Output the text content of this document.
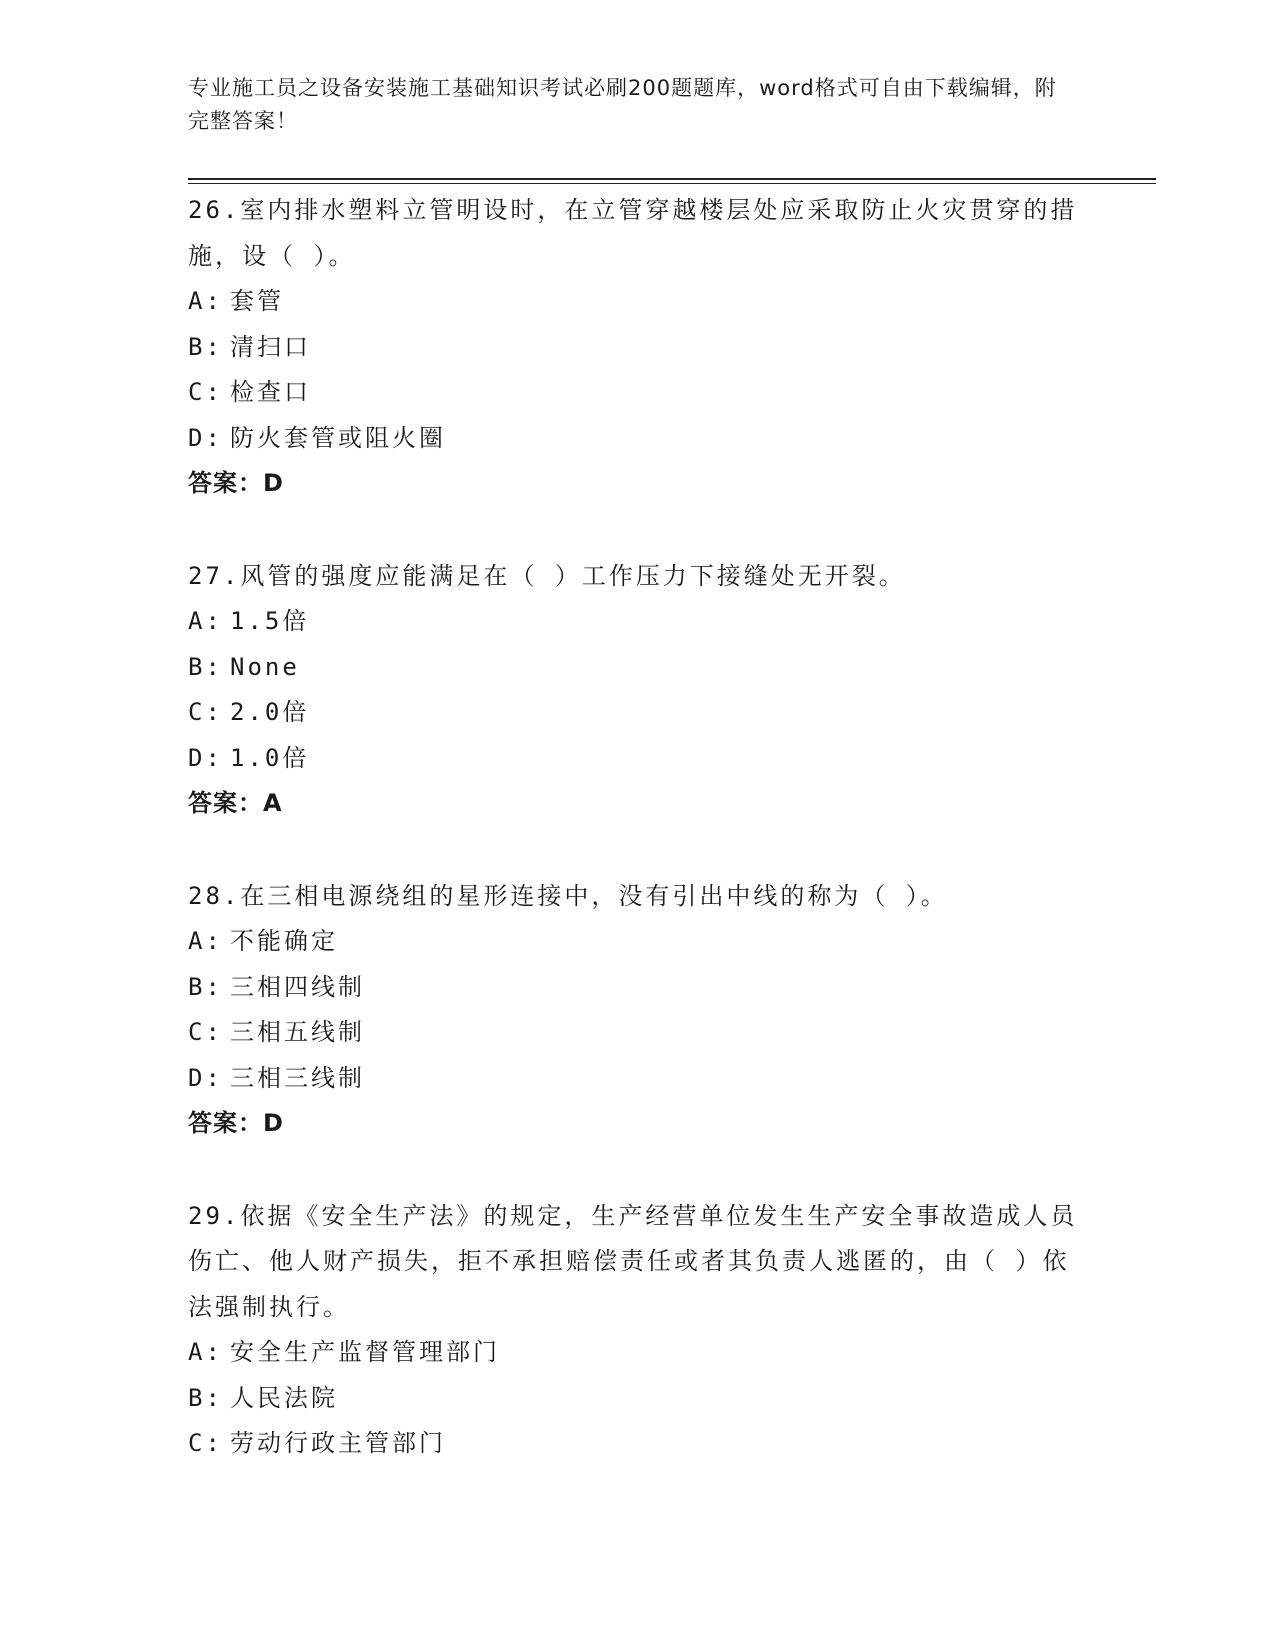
专业施工员之设备安装施工基础知识考试必刷200题题库，word格式可自由下载编辑，附完整答案！
26.室内排水塑料立管明设时，在立管穿越楼层处应采取防止火灾贯穿的措施，设（ ）。
A: 套管
B: 清扫口
C: 检查口
D: 防火套管或阻火圈
答案：D
27.风管的强度应能满足在（ ）工作压力下接缝处无开裂。
A: 1.5倍
B: None
C: 2.0倍
D: 1.0倍
答案：A
28.在三相电源绕组的星形连接中，没有引出中线的称为（ ）。
A: 不能确定
B: 三相四线制
C: 三相五线制
D: 三相三线制
答案：D
29.依据《安全生产法》的规定，生产经营单位发生生产安全事故造成人员伤亡、他人财产损失，拒不承担赔偿责任或者其负责人逃匿的，由（ ）依法强制执行。
A: 安全生产监督管理部门
B: 人民法院
C: 劳动行政主管部门
